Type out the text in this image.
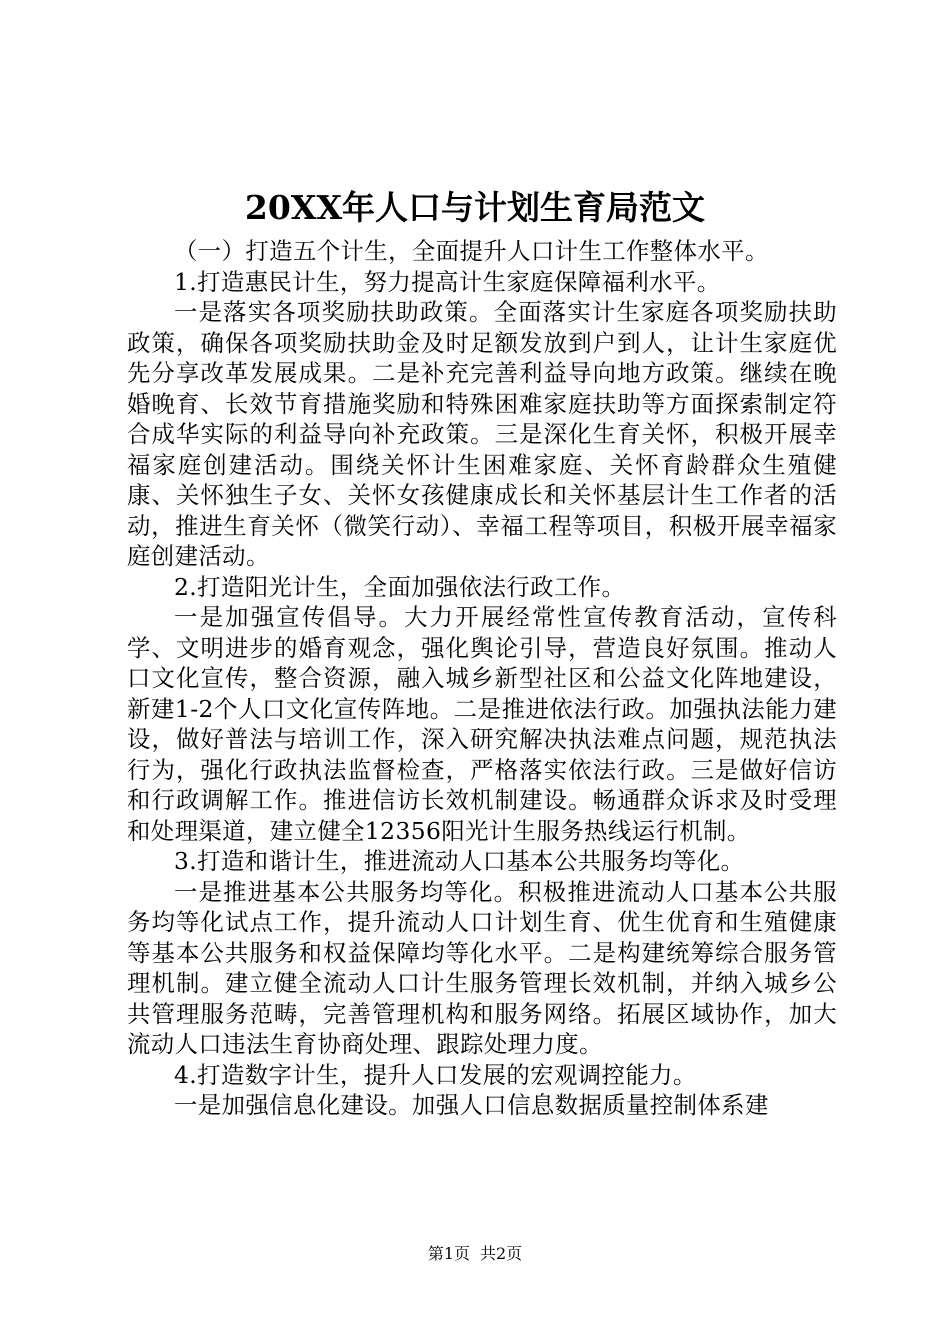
20XX年人口与计划生育局范文

（一）打造五个计生，全面提升人口计生工作整体水平。

1.打造惠民计生，努力提高计生家庭保障福利水平。

一是落实各项奖励扶助政策。全面落实计生家庭各项奖励扶助政策，确保各项奖励扶助金及时足额发放到户到人，让计生家庭优先分享改革发展成果。二是补充完善利益导向地方政策。继续在晚婚晚育、长效节育措施奖励和特殊困难家庭扶助等方面探索制定符合成华实际的利益导向补充政策。三是深化生育关怀，积极开展幸福家庭创建活动。围绕关怀计生困难家庭、关怀育龄群众生殖健康、关怀独生子女、关怀女孩健康成长和关怀基层计生工作者的活动，推进生育关怀（微笑行动）、幸福工程等项目，积极开展幸福家庭创建活动。

2.打造阳光计生，全面加强依法行政工作。

一是加强宣传倡导。大力开展经常性宣传教育活动，宣传科学、文明进步的婚育观念，强化舆论引导，营造良好氛围。推动人口文化宣传，整合资源，融入城乡新型社区和公益文化阵地建设，新建1-2个人口文化宣传阵地。二是推进依法行政。加强执法能力建设，做好普法与培训工作，深入研究解决执法难点问题，规范执法行为，强化行政执法监督检查，严格落实依法行政。三是做好信访和行政调解工作。推进信访长效机制建设。畅通群众诉求及时受理和处理渠道，建立健全12356阳光计生服务热线运行机制。

3.打造和谐计生，推进流动人口基本公共服务均等化。

一是推进基本公共服务均等化。积极推进流动人口基本公共服务均等化试点工作，提升流动人口计划生育、优生优育和生殖健康等基本公共服务和权益保障均等化水平。二是构建统筹综合服务管理机制。建立健全流动人口计生服务管理长效机制，并纳入城乡公共管理服务范畴，完善管理机构和服务网络。拓展区域协作，加大流动人口违法生育协商处理、跟踪处理力度。

4.打造数字计生，提升人口发展的宏观调控能力。

一是加强信息化建设。加强人口信息数据质量控制体系建

第1页 共2页
